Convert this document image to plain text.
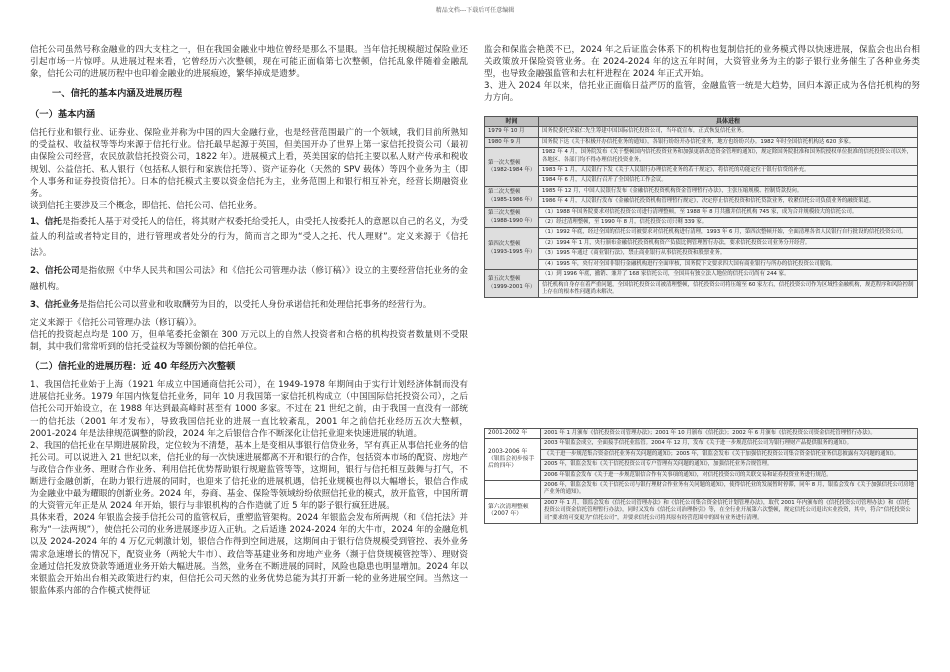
精品文档---下载后可任意编辑

信托公司虽然号称金融业的四大支柱之一，但在我国金融业中地位曾经是那么不显眼。当年信托规模超过保险业还引起市场一片惊呼。从进展过程来看，它曾经历六次整顿，现在可能正面临第七次整顿，信托乱象伴随着金融乱象，信托公司的进展历程中也印着金融业的进展痕迹，繁华掉成是遗梦。

一、信托的基本内涵及进展历程
（一）基本内涵

信托行业和银行业、证券业、保险业并称为中国的四大金融行业，也是经营范围最广的一个领域，我们目前所熟知的受益权、收益权等等均来源于信托行业。信托最早起源于英国，但美国开办了世界上第一家信托投资公司（最初由保险公司经营，农民放款信托投资公司，1822 年）。进展模式上看，英美国家的信托主要以私人财产传承和税收规划、公益信托、私人银行（包括私人银行和家族信托等）、资产证券化（天然的 SPV 载体）等四个业务为主（即个人事务和证券投资信托）。日本的信托模式主要以资金信托为主，业务范围上和银行相互补充，经营长期融资业务。

谈到信托主要涉及三个概念，即信托、信托公司、信托业务。

1、信托是指委托人基于对受托人的信任，将其财产权委托给受托人，由受托人按委托人的意愿以自己的名义，为受益人的利益或者特定目的，进行管理或者处分的行为，简而言之即为“受人之托、代人理财”。定义来源于《信托法》。

2、信托公司是指依照《中华人民共和国公司法》和《信托公司管理办法（修订稿）》设立的主要经营信托业务的金融机构。

3、信托业务是指信托公司以营业和收取酬劳为目的，以受托人身份承诺信托和处理信托事务的经营行为。

定义来源于《信托公司管理办法（修订稿）》。

信托的投资起点均是 100 万，但单笔委托金额在 300 万元以上的自然人投资者和合格的机构投资者数量则不受限制，其中我们常常听到的信托受益权为等额份额的信托单位。

（二）信托业的进展历程：近 40 年经历六次整顿

1、我国信托业始于上海（1921 年成立中国通商信托公司），在 1949-1978 年期间由于实行计划经济体制而没有进展信托业务。1979 年国内恢复信托业务，同年 10 月我国第一家信托机构成立（中国国际信托投资公司），之后信托公司开始设立，在 1988 年达到最高峰时甚至有 1000 多家。不过在 21 世纪之前，由于我国一直没有一部统一的信托法（2001 年才发布），导致我国信托业的进展一直比较紊乱，2001 年之前信托业经历五次大整顿，2001-2024 年是法律规范调整的阶段，2024 年之后银信合作不断深化让信托业迎来快速进展的轨道。

2、我国的信托业在早期进展阶段，定位较为不清楚，基本上是变相从事银行信贷业务，罕有真正从事信托业务的信托公司。可以说进入 21 世纪以来，信托业的每一次快速进展都离不开和银行的合作，包括资本市场的配资、房地产与政信合作业务、理财合作业务、利用信托优势帮助银行规避监管等等，这期间，银行与信托相互鼓舞与打气，不断进行金融创新，在助力银行进展的同时，也迎来了信托业的进展机遇，信托业规模也得以大幅增长，银信合作成为金融业中最为耀眼的创新业务。2024 年，券商、基金、保险等领域纷纷依照信托业的模式，放开监管，中国所谓的大资管元年正是从 2024 年开始，银行与非银机构的合作造就了近 5 年的影子银行疯狂进展。

具体来看，2024 年银监会接手信托公司的监管权后，重塑监管架构。2024 年银监会发布所两规（和《信托法》并称为“一法两规”），使信托公司的业务进展逐步迈入正轨。之后适逢 2024-2024 年的大牛市，2024 年的金融危机以及 2024-2024 年的 4 万亿元刺激计划，银信合作得到空间进展，这期间由于银行信贷规模受到管控、表外业务需求急速增长的情况下，配资业务（两轮大牛市）、政信等基建业务和房地产业务（濒于信贷规模管控等）、理财资金通过信托发放贷款等通道业务开始大幅进展。当然，业务在不断进展的同时，风险也隐患也明显增加。2024 年以来银监会开始出台相关政策进行约束，但信托公司天然的业务优势总能为其打开新一轮的业务进展空间。当然这一银监体系内部的合作模式使得证

监会和保监会艳羡不已，2024 年之后证监会体系下的机构也复制信托的业务模式得以快速进展，保监会也出台相关政策放开保险资管业务。在 2024-2024 年的这五年时间，大资管业务为主的影子银行业务催生了各种业务类型，也导致金融强监管和去杠杆进程在 2024 年正式开始。

3、进入 2024 年以来，信托业正面临日益严厉的监管，金融监管一统是大趋势，回归本源正成为各信托机构的努力方向。

时间	具体进程
1979 年 10 月	国务院委托荣毅仁先生筹建中国国际信托投资公司，当年底宣布，正式恢复信托业务。
1980 年 9 月	国务院下达《关于积极开办信托业务的通知》，各银行纷纷开办信托业务，地方也纷纷兴办。1982 年时全国信托机构达 620 多家。
第一次大整顿（1982-1984 年）	1982 年 4 月，国务院发布《关于整顿国内信托投资业务和加强更新改造资金管理的通知》，规定除国务院批准和国务院授权单位批准的信托投资公司以外，各地区、各部门均不得办理信托投资业务。
	1983 年 1 月，人民银行下发《关于人民银行办理信托业务的若干规定》，将信托的功能定位于银行信贷的补充。
	1984 年 6 月，人民银行召开了全国信托工作会议。
第二次大整顿（1985-1986 年）	1985 年 12 月，中国人民银行发布《金融信托投资机构资金管理暂行办法》，主张压缩规模、控制贷款投向。
	1986 年 4 月，人民银行发布《金融信托投资机构管理暂行规定》，决定停止信托投资和信托贷款业务，收紧信托公司负债业务的融资渠道。
第三次大整顿（1988-1990 年）	（1）1988 年国务院要求对信托投资公司进行清理整顿，至 1988 年 8 月共撤并信托机构 745 家，成为合并规模较大的信托公司。
	（2）经过清理整顿，至 1990 年 8 月，信托投资公司只剩 339 家。
第四次大整顿（1993-1995 年）	（1）1992 年底，经过全国的信托公司被要求对信托机构进行清理，1993 年 6 月，第四次整顿开始，全面清理各省人民银行自行批设的信托投资公司。
	（2）1994 年 1 月，央行颁布金融信托投资机构资产负债比例管理暂行办法，要求信托投资公司业务分开经营。
	（3）1995 年通过《商业银行法》，禁止商业银行从事信托投资和股票业务。
	（4）1995 年，央行对全国非银行金融机构进行全面审核，国务院下文要求四大国有商业银行与所办的信托投资公司脱钩。
第五次大整顿（1999-2001 年）	（1）到 1996 年底，撤销、兼并了 168 家信托公司，全国具有独立法人地位的信托公司尚有 244 家。
	信托机构自身存在着严重问题，全国信托投资公司被清理整顿，信托投资公司将压缩至 60 家左右，信托投资公司作为区域性金融机构，规范程序和风险控制上存在的根本性问题尚未解决。
2001-2002 年	2001 年 1 月颁布《信托投资公司管理办法》；2001 年 10 月颁布《信托法》；2002 年 6 月颁布《信托投资公司资金信托管理暂行办法》。
2003-2006 年（银监会初步接手后的四年）	2003 年银监会成立，全面接手信托业监管。2004 年 12 月，发布《关于进一步规范信托公司为银行理财产品提供服务的通知》。
	《关于进一步规范集合资金信托业务有关问题的通知》；2005 年，银监会发布《关于加强信托投资公司集合资金信托业务信息披露有关问题的通知》。
	2005 年，银监会发布《关于信托投资公司专户管理有关问题的通知》，加强信托业务合规管理。
	2006 年银监会发布《关于进一步规范银信合作有关事项的通知》，对信托投资公司的关联交易和证券投资业务进行规范。
	2006 年，银监会发布《关于信托公司与银行理财合作业务有关问题的通知》，使得信托业的发展暂时停滞，同年 8 月，银监会发布《关于加强信托公司房地产业务的通知》。
第六次清理整顿（2007 年）	2007 年 1 月，银监会发布《信托公司管理办法》和《信托公司集合资金信托计划管理办法》，取代 2001 年内颁布的《信托投资公司管理办法》和《信托投资公司资金信托管理暂行办法》，同时又发布《信托公司治理指引》等，在全行业开展第六次整顿，规定信托公司退出实业投资，其中，符合“信托投资公司”要求的可变更为“信托公司”，并要求信托公司将其原有经营范围中的固有业务进行清理。
